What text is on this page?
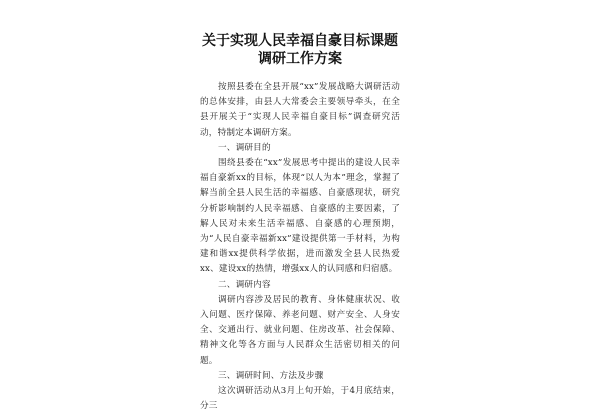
关于实现人民幸福自豪目标课题调研工作方案

按照县委在全县开展“xx”发展战略大调研活动的总体安排，由县人大常委会主要领导牵头，在全县开展关于“实现人民幸福自豪目标”调查研究活动，特制定本调研方案。

一、调研目的

围绕县委在“xx”发展思考中提出的建设人民幸福自豪新xx的目标，体现“以人为本”理念，掌握了解当前全县人民生活的幸福感、自豪感现状，研究分析影响制约人民幸福感、自豪感的主要因素，了解人民对未来生活幸福感、自豪感的心理预期，为“人民自豪幸福新xx”建设提供第一手材料，为构建和谐xx提供科学依据，进而激发全县人民热爱xx、建设xx的热情，增强xx人的认同感和归宿感。

二、调研内容

调研内容涉及居民的教育、身体健康状况、收入问题、医疗保障、养老问题、财产安全、人身安全、交通出行、就业问题、住房改革、社会保障、精神文化等各方面与人民群众生活密切相关的问题。

三、调研时间、方法及步骤

这次调研活动从3月上旬开始，于4月底结束，分三
